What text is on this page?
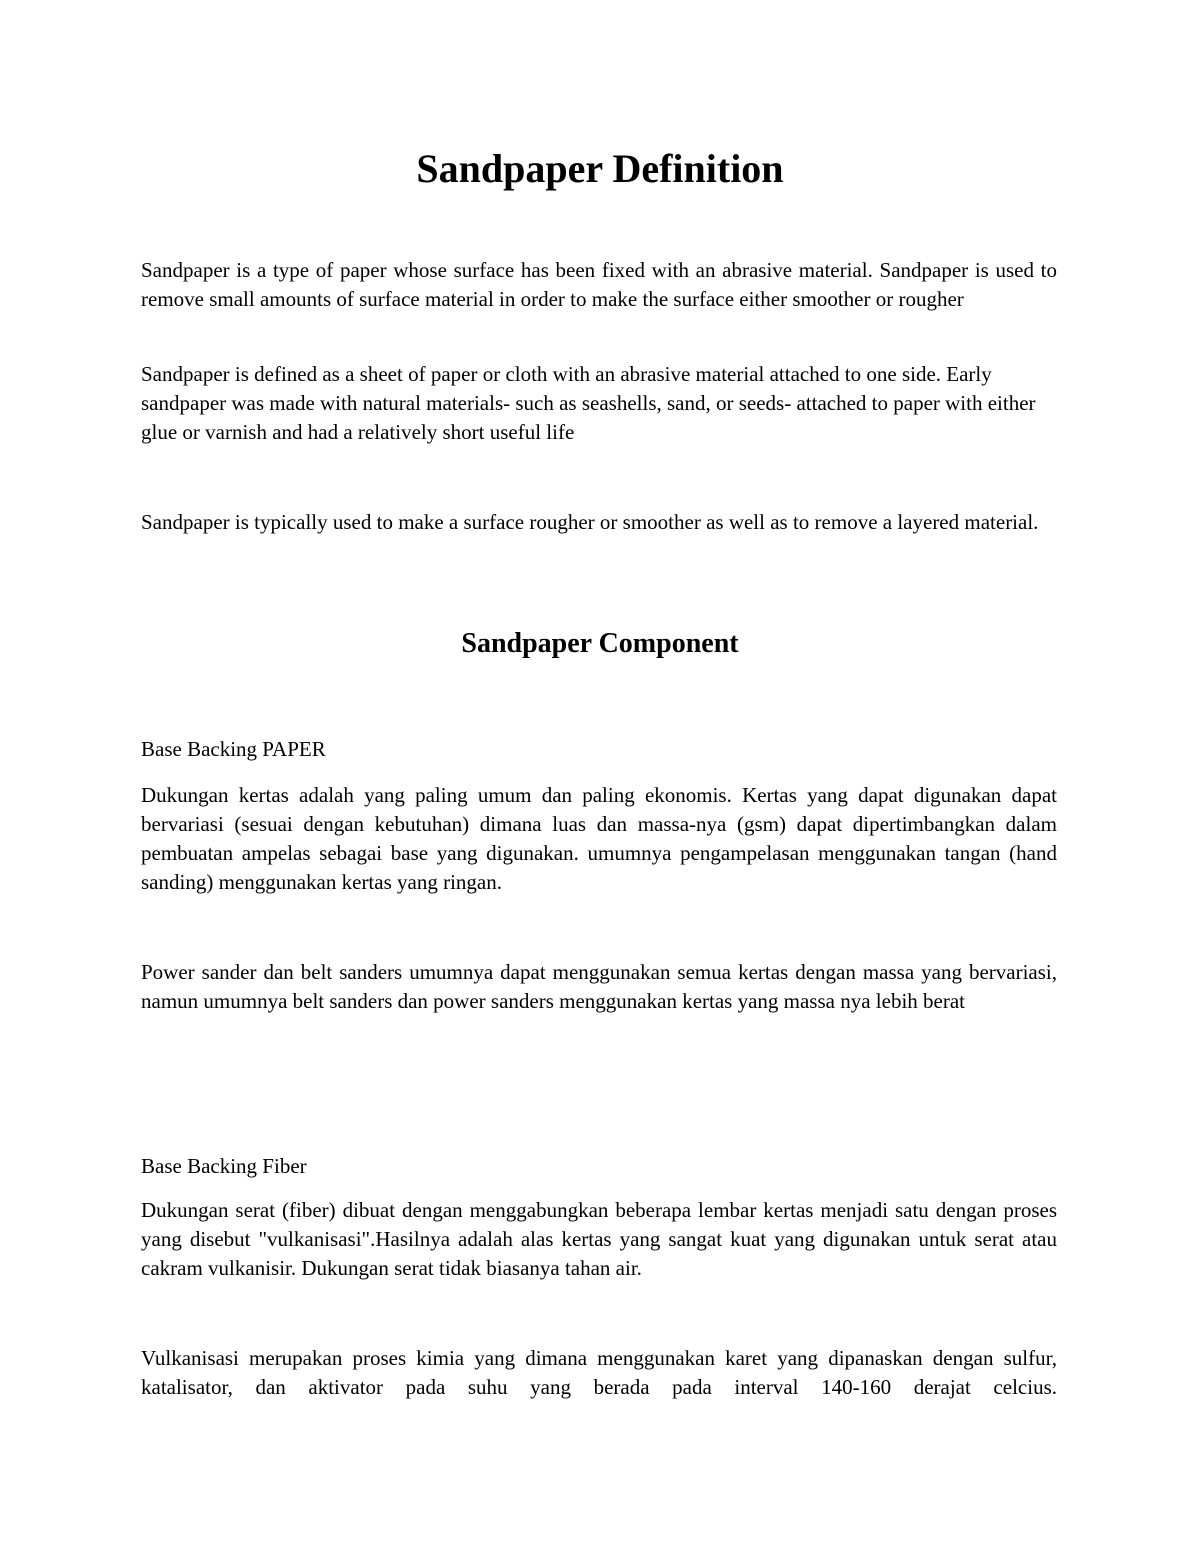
Sandpaper Definition

Sandpaper is a type of paper whose surface has been fixed with an abrasive material. Sandpaper is used to remove small amounts of surface material in order to make the surface either smoother or rougher

Sandpaper is defined as a sheet of paper or cloth with an abrasive material attached to one side. Early sandpaper was made with natural materials- such as seashells, sand, or seeds- attached to paper with either glue or varnish and had a relatively short useful life

Sandpaper is typically used to make a surface rougher or smoother as well as to remove a layered material.

Sandpaper Component

Base Backing PAPER

Dukungan kertas adalah yang paling umum dan paling ekonomis. Kertas yang dapat digunakan dapat bervariasi (sesuai dengan kebutuhan) dimana luas dan massa-nya (gsm) dapat dipertimbangkan dalam pembuatan ampelas sebagai base yang digunakan. umumnya pengampelasan menggunakan tangan (hand sanding) menggunakan kertas yang ringan.

Power sander dan belt sanders umumnya dapat menggunakan semua kertas dengan massa yang bervariasi, namun umumnya belt sanders dan power sanders menggunakan kertas yang massa nya lebih berat

Base Backing Fiber

Dukungan serat (fiber) dibuat dengan menggabungkan beberapa lembar kertas menjadi satu dengan proses yang disebut "vulkanisasi".Hasilnya adalah alas kertas yang sangat kuat yang digunakan untuk serat atau cakram vulkanisir. Dukungan serat tidak biasanya tahan air.

Vulkanisasi merupakan proses kimia yang dimana menggunakan karet yang dipanaskan dengan sulfur, katalisator, dan aktivator pada suhu yang berada pada interval 140-160 derajat celcius.
